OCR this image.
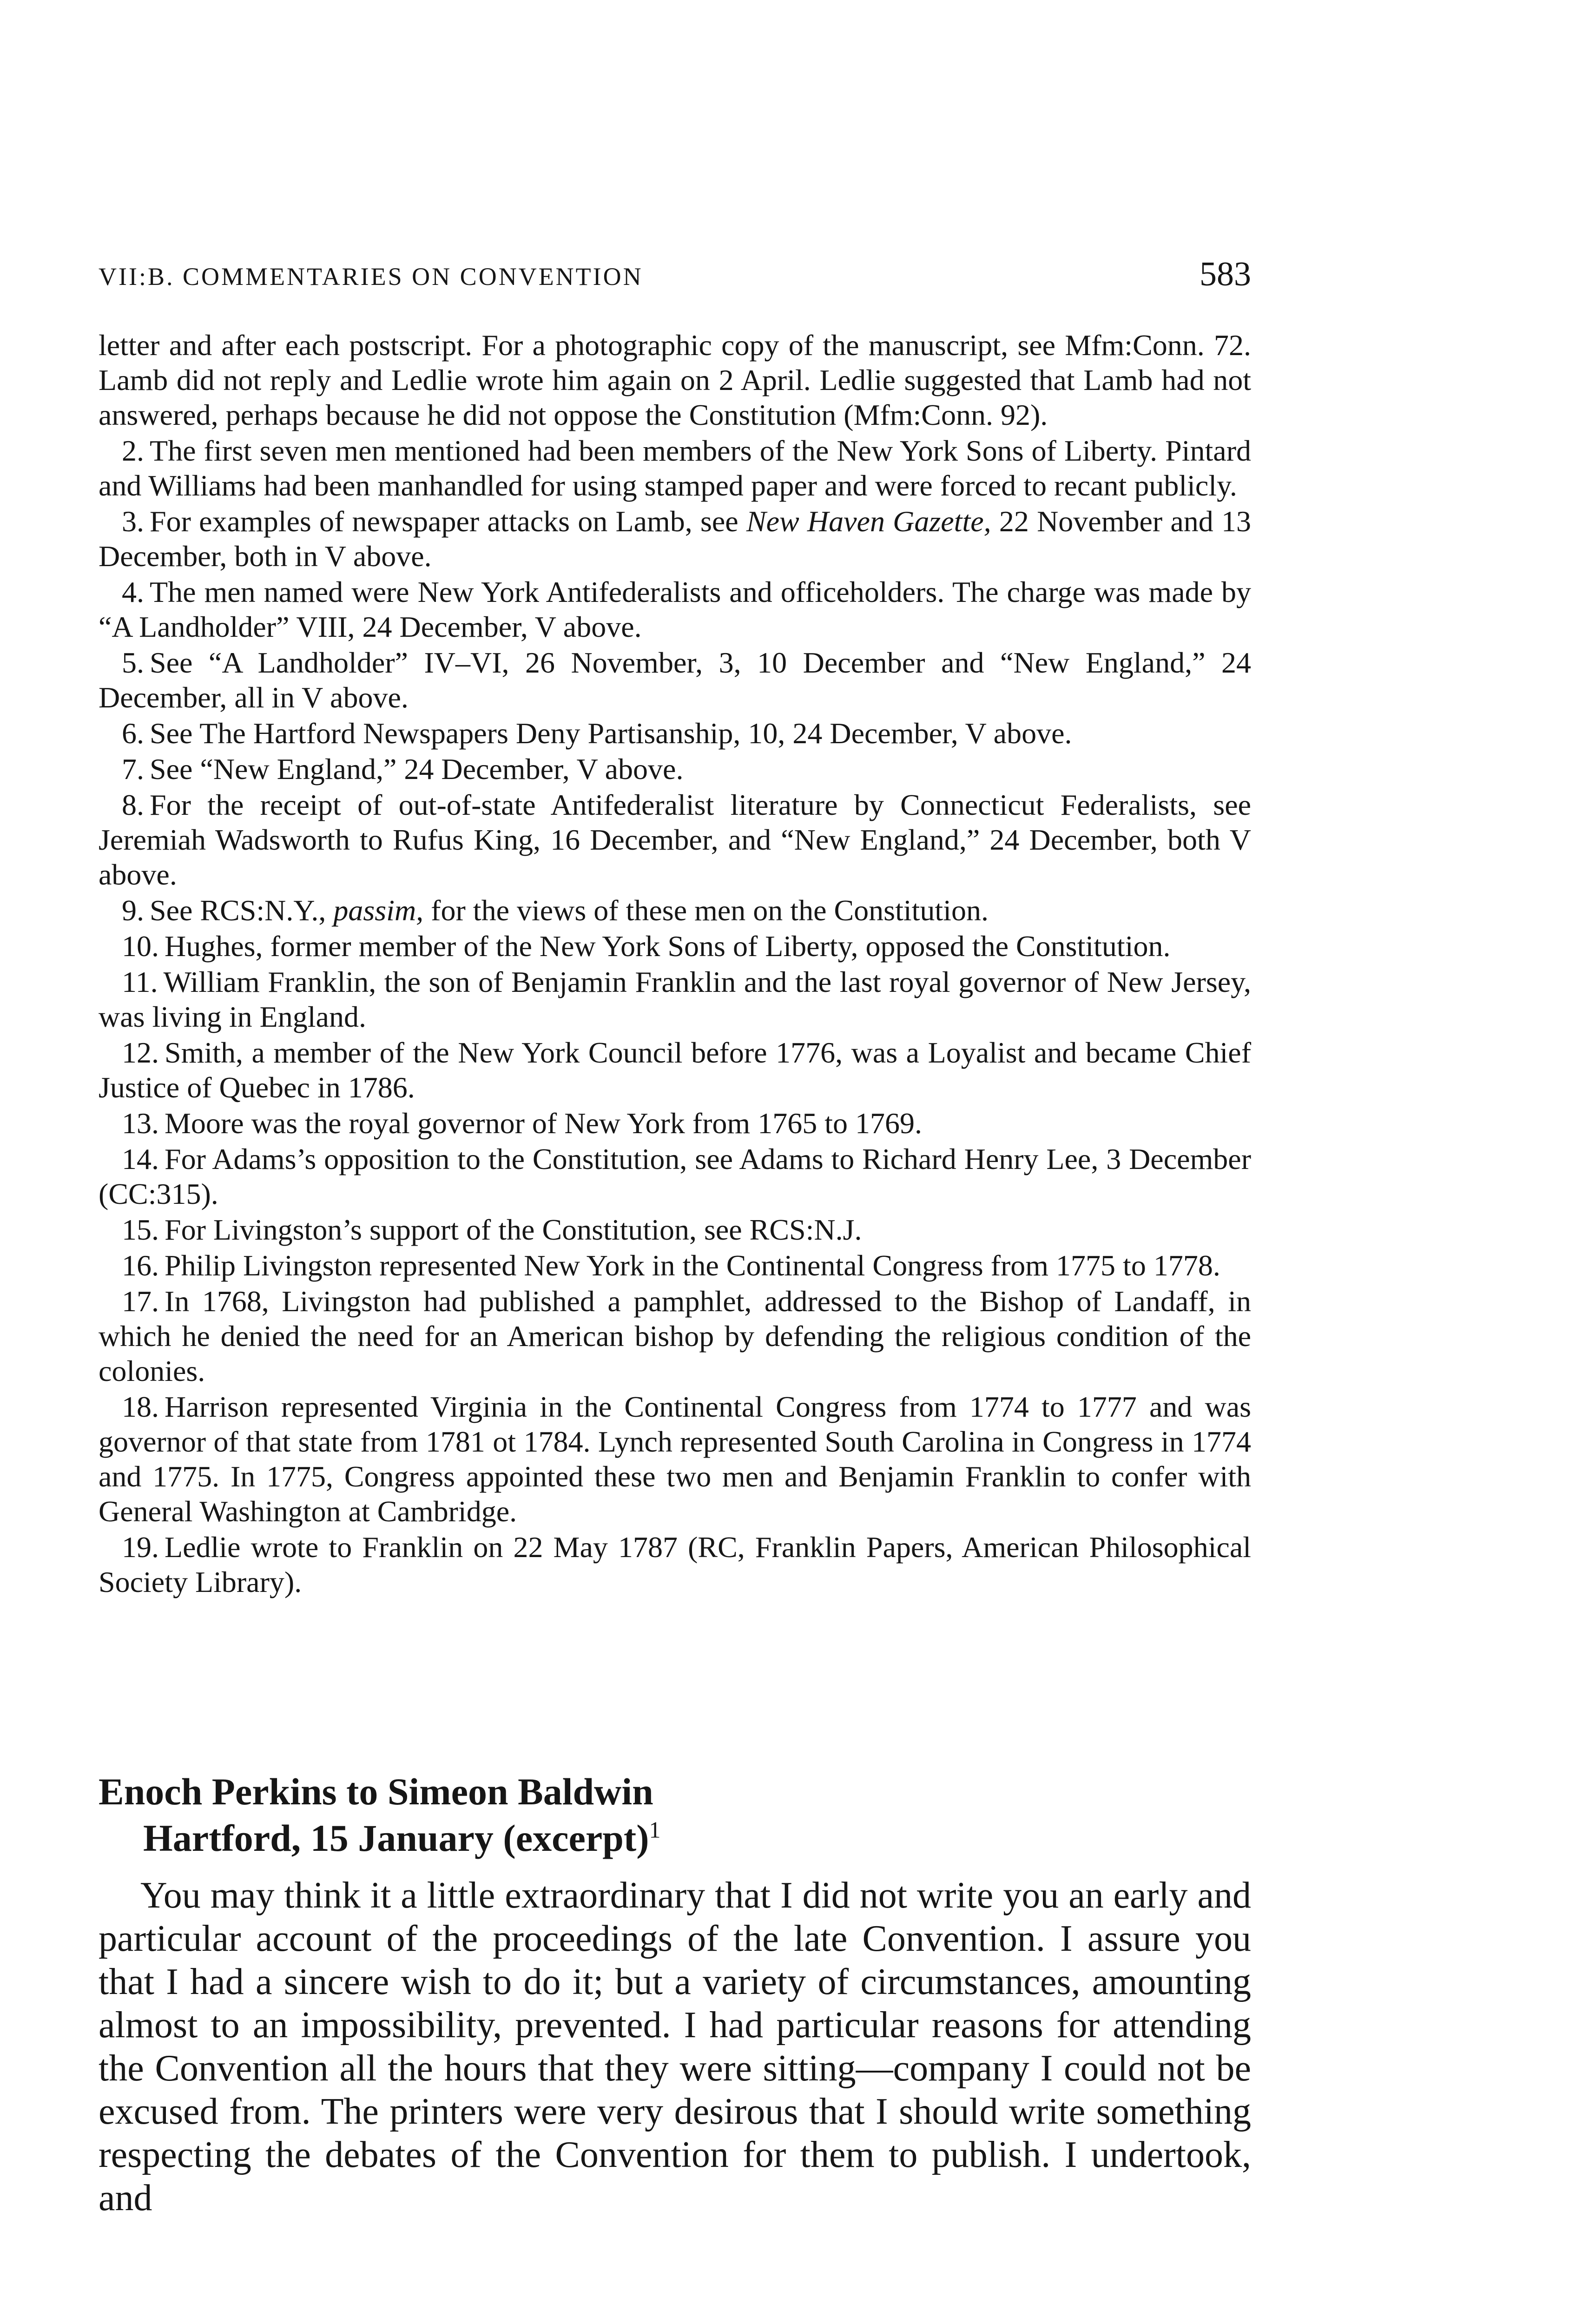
VII:B. COMMENTARIES ON CONVENTION	583

letter and after each postscript. For a photographic copy of the manuscript, see Mfm:Conn. 72. Lamb did not reply and Ledlie wrote him again on 2 April. Ledlie suggested that Lamb had not answered, perhaps because he did not oppose the Constitution (Mfm:Conn. 92).

2. The first seven men mentioned had been members of the New York Sons of Liberty. Pintard and Williams had been manhandled for using stamped paper and were forced to recant publicly.

3. For examples of newspaper attacks on Lamb, see New Haven Gazette, 22 November and 13 December, both in V above.

4. The men named were New York Antifederalists and officeholders. The charge was made by “A Landholder” VIII, 24 December, V above.

5. See “A Landholder” IV–VI, 26 November, 3, 10 December and “New England,” 24 December, all in V above.

6. See The Hartford Newspapers Deny Partisanship, 10, 24 December, V above.

7. See “New England,” 24 December, V above.

8. For the receipt of out-of-state Antifederalist literature by Connecticut Federalists, see Jeremiah Wadsworth to Rufus King, 16 December, and “New England,” 24 December, both V above.

9. See RCS:N.Y., passim, for the views of these men on the Constitution.

10. Hughes, former member of the New York Sons of Liberty, opposed the Constitution.

11. William Franklin, the son of Benjamin Franklin and the last royal governor of New Jersey, was living in England.

12. Smith, a member of the New York Council before 1776, was a Loyalist and became Chief Justice of Quebec in 1786.

13. Moore was the royal governor of New York from 1765 to 1769.

14. For Adams’s opposition to the Constitution, see Adams to Richard Henry Lee, 3 December (CC:315).

15. For Livingston’s support of the Constitution, see RCS:N.J.

16. Philip Livingston represented New York in the Continental Congress from 1775 to 1778.

17. In 1768, Livingston had published a pamphlet, addressed to the Bishop of Landaff, in which he denied the need for an American bishop by defending the religious condition of the colonies.

18. Harrison represented Virginia in the Continental Congress from 1774 to 1777 and was governor of that state from 1781 ot 1784. Lynch represented South Carolina in Congress in 1774 and 1775. In 1775, Congress appointed these two men and Benjamin Franklin to confer with General Washington at Cambridge.

19. Ledlie wrote to Franklin on 22 May 1787 (RC, Franklin Papers, American Philosophical Society Library).

Enoch Perkins to Simeon Baldwin
Hartford, 15 January (excerpt)$^1$

You may think it a little extraordinary that I did not write you an early and particular account of the proceedings of the late Convention. I assure you that I had a sincere wish to do it; but a variety of circumstances, amounting almost to an impossibility, prevented. I had particular reasons for attending the Convention all the hours that they were sitting—company I could not be excused from. The printers were very desirous that I should write something respecting the debates of the Convention for them to publish. I undertook, and
